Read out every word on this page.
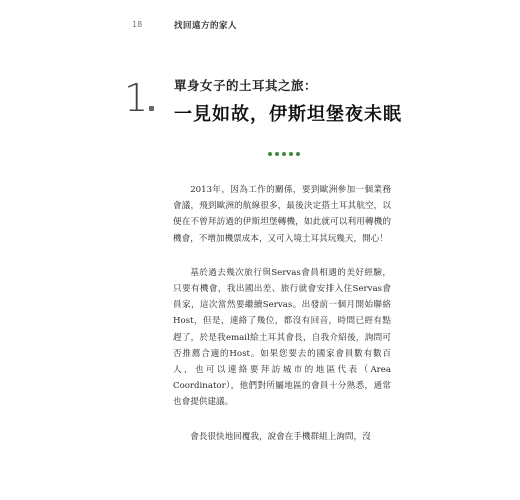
18	找回遠方的家人
1 單身女子的土耳其之旅：
一見如故，伊斯坦堡夜未眠

2013年，因為工作的關係，要到歐洲參加一個業務會議，飛到歐洲的航線很多，最後決定搭土耳其航空，以便在不曾拜訪過的伊斯坦堡轉機，如此就可以利用轉機的機會，不增加機票成本，又可入境土耳其玩幾天，開心！

基於過去幾次旅行與Servas會員相遇的美好經驗，只要有機會，我出國出差、旅行就會安排入住Servas會員家，這次當然要繼續Servas。出發前一個月開始聯絡Host，但是，連絡了幾位，都沒有回音，時間已經有點趕了，於是我email給土耳其會長，自我介紹後，詢問可否推薦合適的Host。如果您要去的國家會員數有數百人，也可以連絡要拜訪城市的地區代表（Area Coordinator），他們對所屬地區的會員十分熟悉，通常也會提供建議。

會長很快地回覆我，說會在手機群組上詢問，沒
